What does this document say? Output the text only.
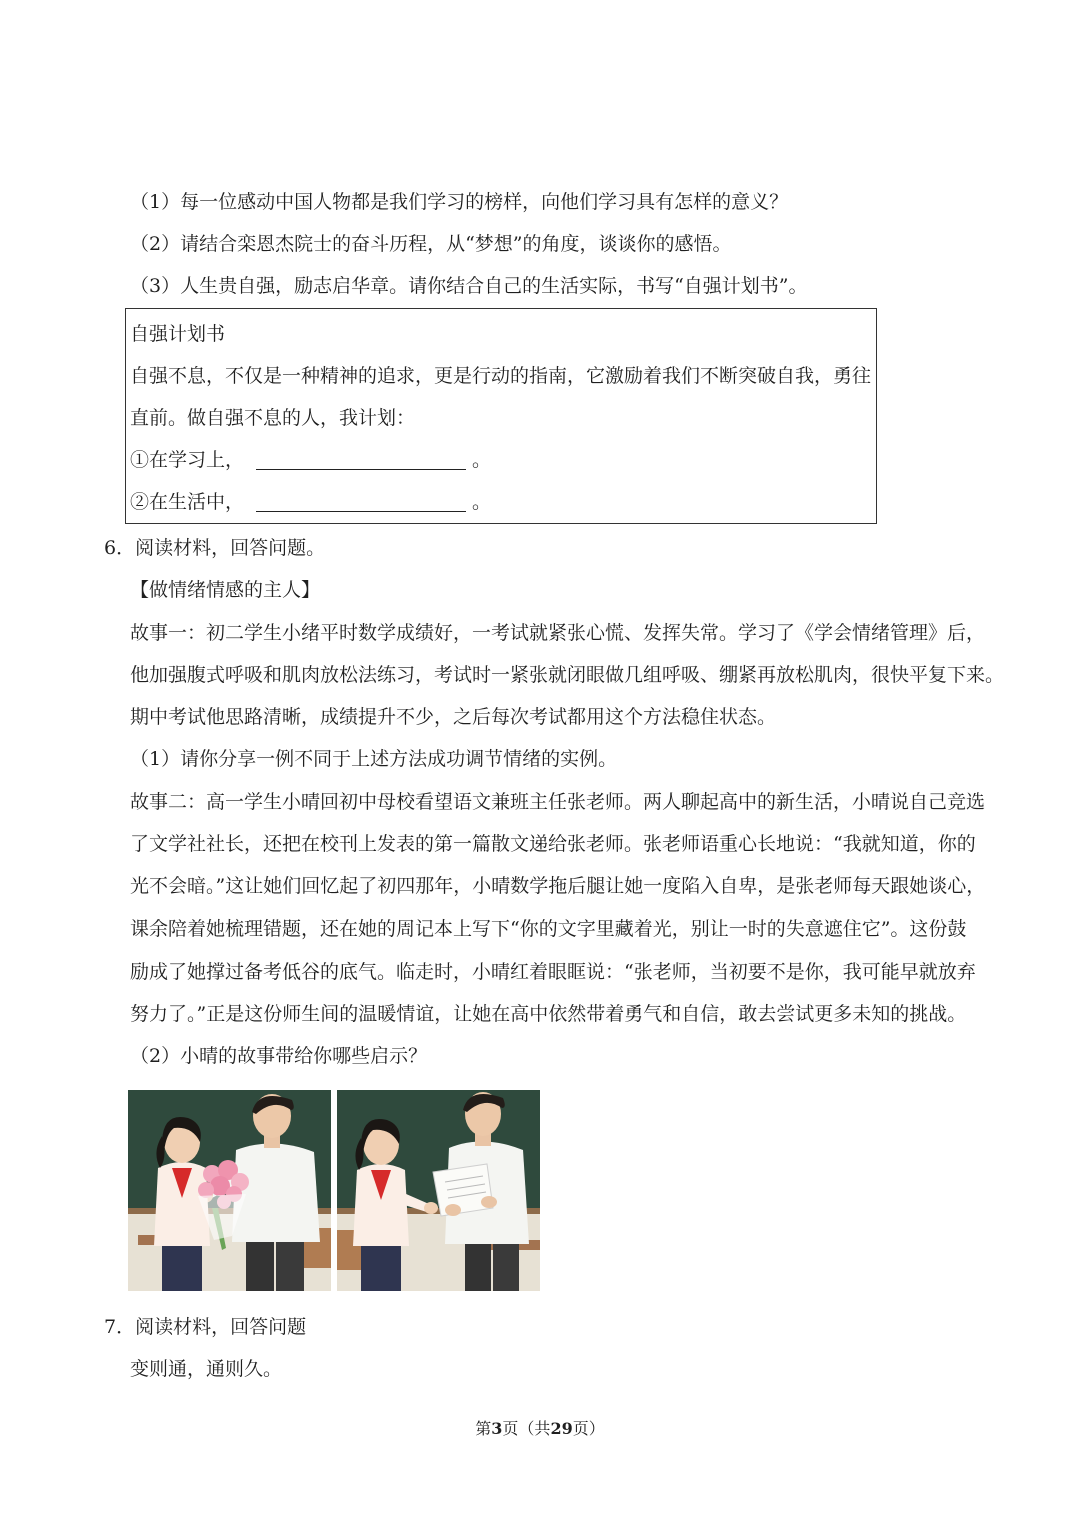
（1）每一位感动中国人物都是我们学习的榜样，向他们学习具有怎样的意义？
（2）请结合栾恩杰院士的奋斗历程，从“梦想”的角度，谈谈你的感悟。
（3）人生贵自强，励志启华章。请你结合自己的生活实际，书写“自强计划书”。
自强计划书
自强不息，不仅是一种精神的追求，更是行动的指南，它激励着我们不断突破自我，勇往
直前。做自强不息的人，我计划：
①在学习上，	。
②在生活中，	。
6．阅读材料，回答问题。
【做情绪情感的主人】
故事一：初二学生小绪平时数学成绩好，一考试就紧张心慌、发挥失常。学习了《学会情绪管理》后，
他加强腹式呼吸和肌肉放松法练习，考试时一紧张就闭眼做几组呼吸、绷紧再放松肌肉，很快平复下来。
期中考试他思路清晰，成绩提升不少，之后每次考试都用这个方法稳住状态。
（1）请你分享一例不同于上述方法成功调节情绪的实例。
故事二：高一学生小晴回初中母校看望语文兼班主任张老师。两人聊起高中的新生活，小晴说自己竞选
了文学社社长，还把在校刊上发表的第一篇散文递给张老师。张老师语重心长地说：“我就知道，你的
光不会暗。”这让她们回忆起了初四那年，小晴数学拖后腿让她一度陷入自卑，是张老师每天跟她谈心，
课余陪着她梳理错题，还在她的周记本上写下“你的文字里藏着光，别让一时的失意遮住它”。这份鼓
励成了她撑过备考低谷的底气。临走时，小晴红着眼眶说：“张老师，当初要不是你，我可能早就放弃
努力了。”正是这份师生间的温暖情谊，让她在高中依然带着勇气和自信，敢去尝试更多未知的挑战。
（2）小晴的故事带给你哪些启示？
7．阅读材料，回答问题
变则通，通则久。
第3页（共29页）
